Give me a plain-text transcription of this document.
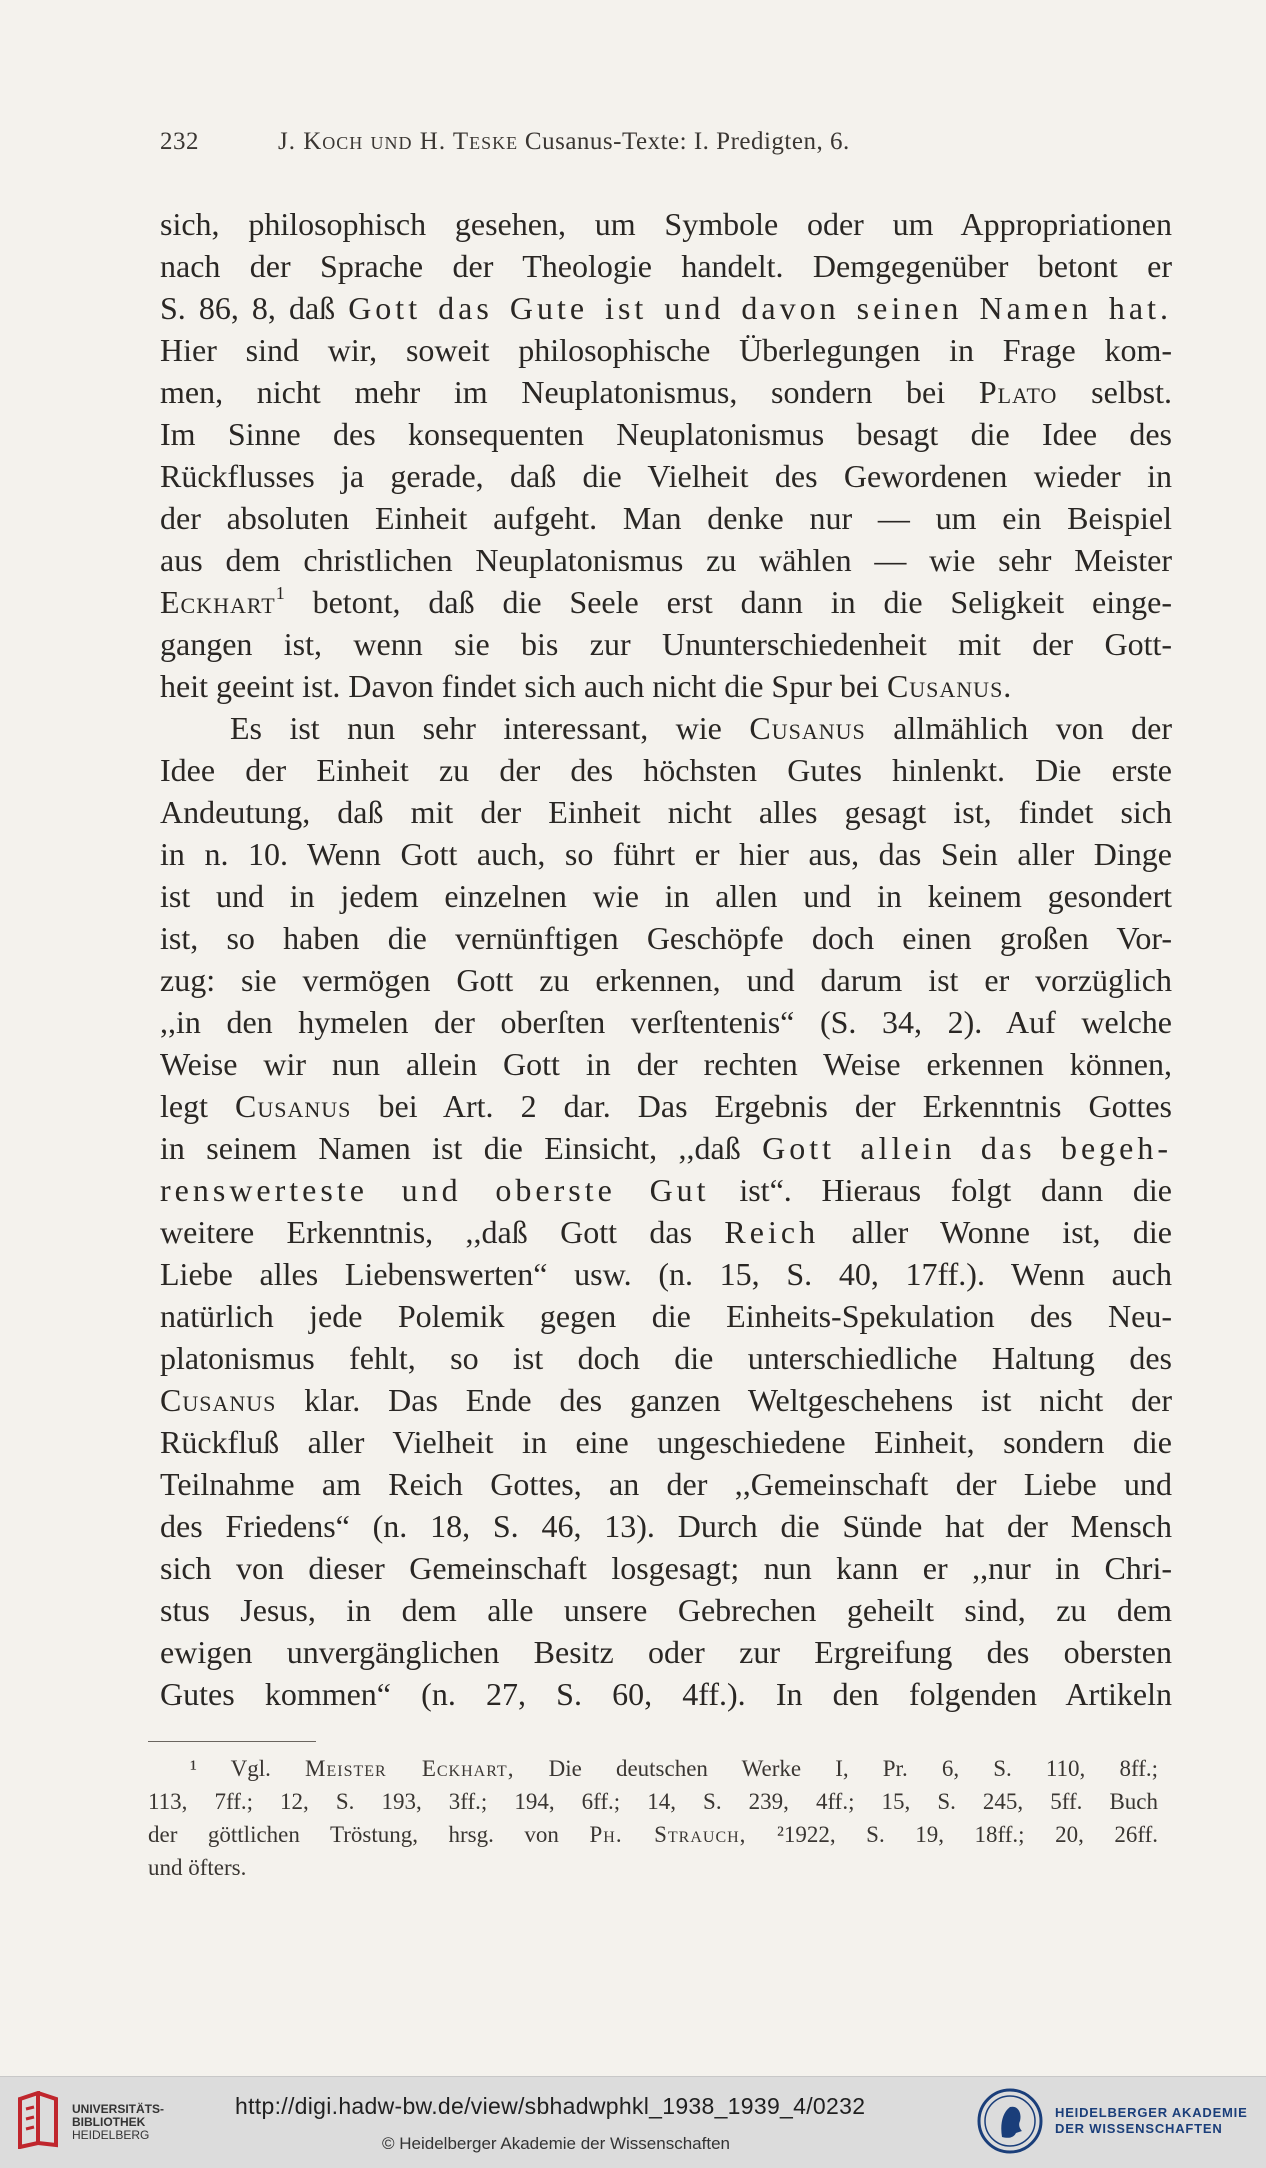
232	J. Koch und H. Teske Cusanus-Texte: I. Predigten, 6.
sich, philosophisch gesehen, um Symbole oder um Appropriationen
nach der Sprache der Theologie handelt. Demgegenüber betont er
S. 86, 8, daß Gott das Gute ist und davon seinen Namen hat.
Hier sind wir, soweit philosophische Überlegungen in Frage kom-
men, nicht mehr im Neuplatonismus, sondern bei Plato selbst.
Im Sinne des konsequenten Neuplatonismus besagt die Idee des
Rückflusses ja gerade, daß die Vielheit des Gewordenen wieder in
der absoluten Einheit aufgeht. Man denke nur — um ein Beispiel
aus dem christlichen Neuplatonismus zu wählen — wie sehr Meister
Eckhart$^1$ betont, daß die Seele erst dann in die Seligkeit einge-
gangen ist, wenn sie bis zur Ununterschiedenheit mit der Gott-
heit geeint ist. Davon findet sich auch nicht die Spur bei Cusanus.
Es ist nun sehr interessant, wie Cusanus allmählich von der
Idee der Einheit zu der des höchsten Gutes hinlenkt. Die erste
Andeutung, daß mit der Einheit nicht alles gesagt ist, findet sich
in n. 10. Wenn Gott auch, so führt er hier aus, das Sein aller Dinge
ist und in jedem einzelnen wie in allen und in keinem gesondert
ist, so haben die vernünftigen Geschöpfe doch einen großen Vor-
zug: sie vermögen Gott zu erkennen, und darum ist er vorzüglich
,,in den hymelen der oberſten verſtentenis“ (S. 34, 2). Auf welche
Weise wir nun allein Gott in der rechten Weise erkennen können,
legt Cusanus bei Art. 2 dar. Das Ergebnis der Erkenntnis Gottes
in seinem Namen ist die Einsicht, ,,daß Gott allein das begeh-
renswerteste und oberste Gut ist“. Hieraus folgt dann die
weitere Erkenntnis, ,,daß Gott das Reich aller Wonne ist, die
Liebe alles Liebenswerten“ usw. (n. 15, S. 40, 17ff.). Wenn auch
natürlich jede Polemik gegen die Einheits-Spekulation des Neu-
platonismus fehlt, so ist doch die unterschiedliche Haltung des
Cusanus klar. Das Ende des ganzen Weltgeschehens ist nicht der
Rückfluß aller Vielheit in eine ungeschiedene Einheit, sondern die
Teilnahme am Reich Gottes, an der ,,Gemeinschaft der Liebe und
des Friedens“ (n. 18, S. 46, 13). Durch die Sünde hat der Mensch
sich von dieser Gemeinschaft losgesagt; nun kann er ,,nur in Chri-
stus Jesus, in dem alle unsere Gebrechen geheilt sind, zu dem
ewigen unvergänglichen Besitz oder zur Ergreifung des obersten
Gutes kommen“ (n. 27, S. 60, 4ff.). In den folgenden Artikeln
¹ Vgl. Meister Eckhart, Die deutschen Werke I, Pr. 6, S. 110, 8ff.;
113, 7ff.; 12, S. 193, 3ff.; 194, 6ff.; 14, S. 239, 4ff.; 15, S. 245, 5ff. Buch
der göttlichen Tröstung, hrsg. von Ph. Strauch, ²1922, S. 19, 18ff.; 20, 26ff.
und öfters.
UNIVERSITÄTS-
BIBLIOTHEK
HEIDELBERG
http://digi.hadw-bw.de/view/sbhadwphkl_1938_1939_4/0232
© Heidelberger Akademie der Wissenschaften
HEIDELBERGER AKADEMIE
DER WISSENSCHAFTEN
